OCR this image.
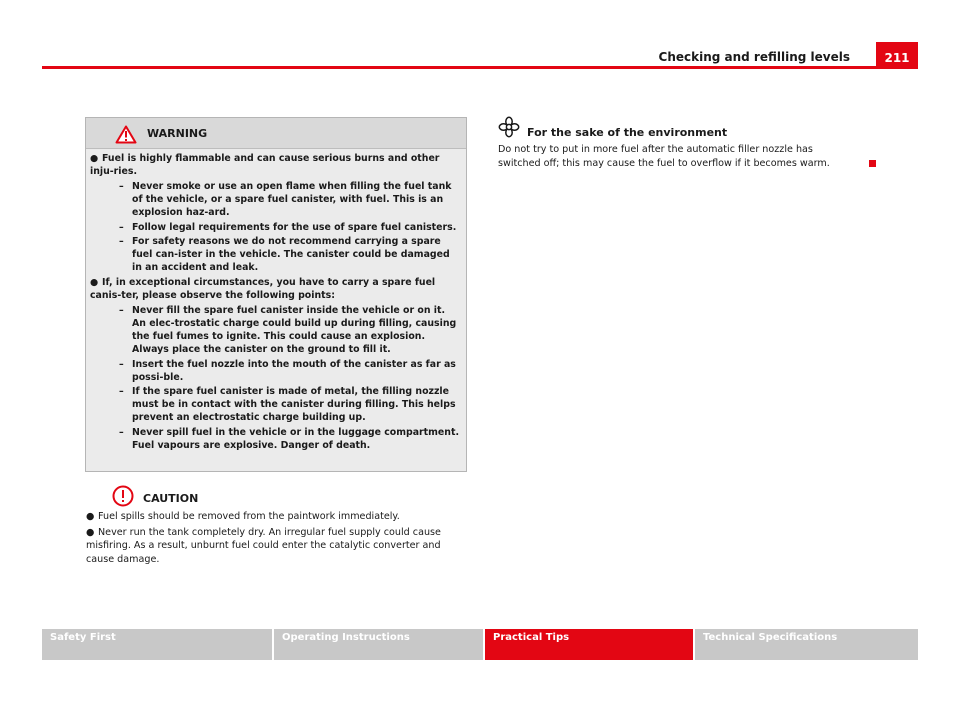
Checking and refilling levels	211
WARNING
● Fuel is highly flammable and can cause serious burns and other inju-ries.
– Never smoke or use an open flame when filling the fuel tank of the vehicle, or a spare fuel canister, with fuel. This is an explosion haz-ard.
– Follow legal requirements for the use of spare fuel canisters.
– For safety reasons we do not recommend carrying a spare fuel can-ister in the vehicle. The canister could be damaged in an accident and leak.
● If, in exceptional circumstances, you have to carry a spare fuel canis-ter, please observe the following points:
– Never fill the spare fuel canister inside the vehicle or on it. An elec-trostatic charge could build up during filling, causing the fuel fumes to ignite. This could cause an explosion. Always place the canister on the ground to fill it.
– Insert the fuel nozzle into the mouth of the canister as far as possi-ble.
– If the spare fuel canister is made of metal, the filling nozzle must be in contact with the canister during filling. This helps prevent an electrostatic charge building up.
– Never spill fuel in the vehicle or in the luggage compartment. Fuel vapours are explosive. Danger of death.
CAUTION
● Fuel spills should be removed from the paintwork immediately.
● Never run the tank completely dry. An irregular fuel supply could cause misfiring. As a result, unburnt fuel could enter the catalytic converter and cause damage.
For the sake of the environment
Do not try to put in more fuel after the automatic filler nozzle has switched off; this may cause the fuel to overflow if it becomes warm.
Safety First	Operating Instructions	Practical Tips	Technical Specifications
